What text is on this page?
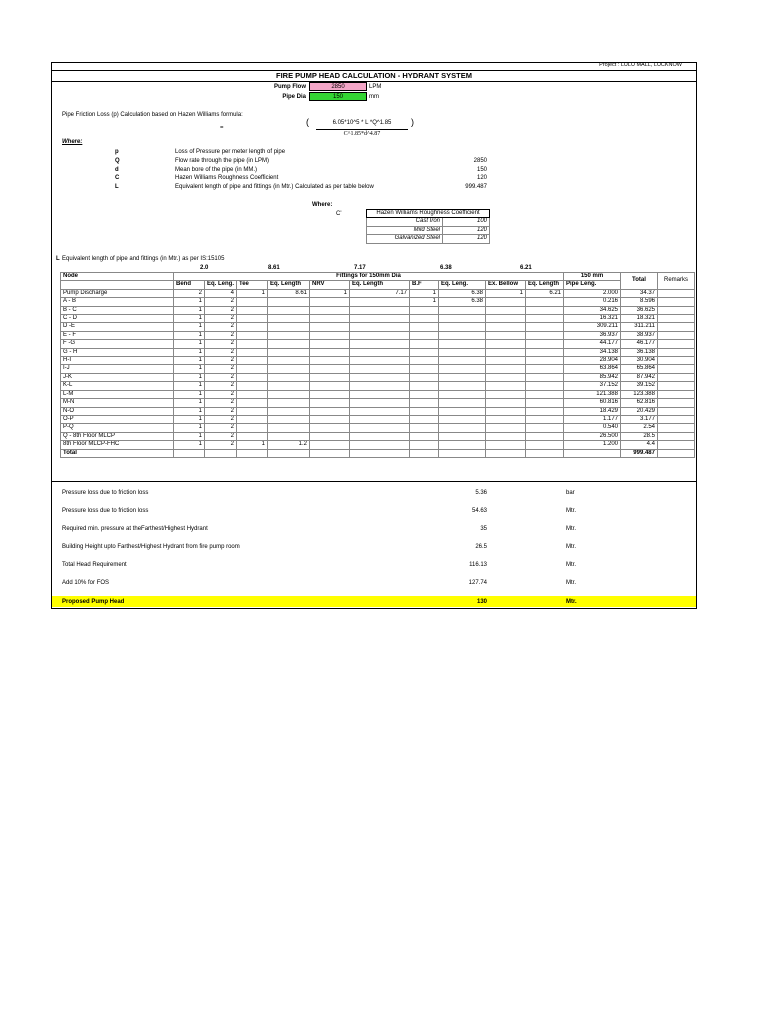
Project : LULU MALL, LUCKNOW
FIRE PUMP HEAD CALCULATION - HYDRANT SYSTEM
Pump Flow	2850	LPM
Pipe Dia	150	mm
Pipe Friction Loss (p) Calculation based on Hazen Williams formula:
=
(	6.05*10^5 * L *Q^1.85
C^1.85*d^4.87
)
Where:
p	Loss of Pressure per meter length of pipe
Q	Flow rate through the pipe (in LPM)	2850
d	Mean bore of the pipe (in MM.)	150
C	Hazen Williams Roughness Coefficient	120
L	Equivalent length of pipe and fittings (in Mtr.) Calculated as per table below	999.487
Where:
C'	Hazen Williams Roughness Coefficient	
Cast Iron	100
Mild Steel	120
Galvanized Steel	120
L Equivalent length of pipe and fittings (in Mtr.) as per IS:15105
2.0	8.61	7.17	6.38	6.21
Node	Fittings for 150mm Dia										150 mm	Total	Remarks
	Bend	Eq. Leng.	Tee	Eq. Length	NRV	Eq. Length	B.F	Eq. Leng.	Ex. Bellow	Eq. Length	Pipe Leng.		
Pump Discharge	2	4	1	8.61	1	7.17	1	6.38	1	6.21	2.000	34.37	
A - B	1	2					1	6.38			0.216	8.596	
B - C	1	2									34.625	36.625	
C - D	1	2									16.321	18.321	
D -E	1	2									309.211	311.211	
E - F	1	2									36.937	38.937	
F -G	1	2									44.177	46.177	
G - H	1	2									34.138	36.138	
H-I	1	2									28.904	30.904	
I-J	1	2									63.864	65.864	
J-K	1	2									85.942	87.942	
K-L	1	2									37.152	39.152	
L-M	1	2									121.388	123.388	
M-N	1	2									60.816	62.816	
N-O	1	2									18.429	20.429	
O-P	1	2									1.177	3.177	
P-Q	1	2									0.540	2.54	
Q - 8th Floor MLCP	1	2									26.500	28.5	
8th Floor MLCP-FHC	1	2	1	1.2							1.200	4.4	
Total												999.487	
Pressure loss due to friction loss	5.36	bar
Pressure loss due to friction loss	54.63	Mtr.
Required min. pressure at theFarthest/Highest Hydrant	35	Mtr.
Building Height upto Farthest/Highest Hydrant from fire pump room	26.5	Mtr.
Total Head Requirement	116.13	Mtr.
Add 10% for FOS	127.74	Mtr.
Proposed Pump Head	130	Mtr.
